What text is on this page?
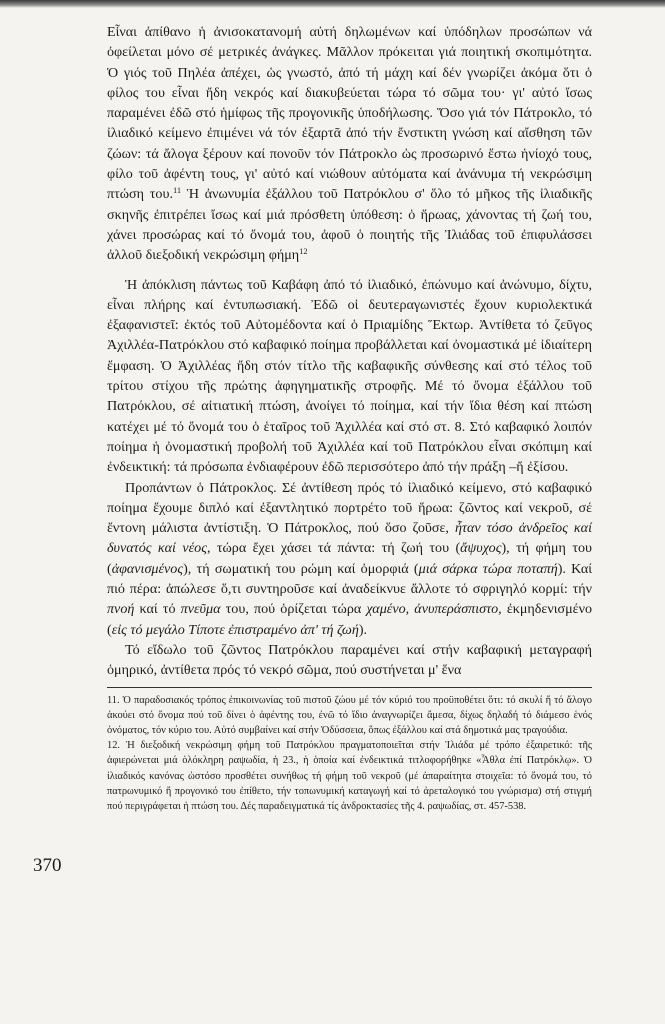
Εἶναι ἀπίθανο ἡ ἀνισοκατανομή αὐτή δηλωμένων καί ὑπόδηλων προσώπων νά ὀφείλεται μόνο σέ μετρικές ἀνάγκες. Μᾶλλον πρόκειται γιά ποιητική σκοπιμότητα. Ὁ γιός τοῦ Πηλέα ἀπέχει, ὡς γνωστό, ἀπό τή μάχη καί δέν γνωρίζει ἀκόμα ὅτι ὁ φίλος του εἶναι ἤδη νεκρός καί διακυβεύεται τώρα τό σῶμα του· γι' αὐτό ἴσως παραμένει ἐδῶ στό ἡμίφως τῆς προγονικῆς ὑποδήλωσης. Ὅσο γιά τόν Πάτροκλο, τό ἰλιαδικό κείμενο ἐπιμένει νά τόν ἐξαρτᾶ ἀπό τήν ἔνστικτη γνώση καί αἴσθηση τῶν ζώων: τά ἄλογα ξέρουν καί πονοῦν τόν Πάτροκλο ὡς προσωρινό ἔστω ἡνίοχό τους, φίλο τοῦ ἀφέντη τους, γι' αὐτό καί νιώθουν αὐτόματα καί ἀνάνυμα τή νεκρώσιμη πτώση του.$^{11}$ Ἡ ἀνωνυμία ἐξάλλου τοῦ Πατρόκλου σ' ὅλο τό μῆκος τῆς ἰλιαδικῆς σκηνῆς ἐπιτρέπει ἴσως καί μιά πρόσθετη ὑπόθεση: ὁ ἥρωας, χάνοντας τή ζωή του, χάνει προσώρας καί τό ὄνομά του, ἀφοῦ ὁ ποιητής τῆς Ἰλιάδας τοῦ ἐπιφυλάσσει ἀλλοῦ διεξοδική νεκρώσιμη φήμη$^{12}$

Ἡ ἀπόκλιση πάντως τοῦ Καβάφη ἀπό τό ἰλιαδικό, ἐπώνυμο καί ἀνώνυμο, δίχτυ, εἶναι πλήρης καί ἐντυπωσιακή. Ἐδῶ οἱ δευτεραγωνιστές ἔχουν κυριολεκτικά ἐξαφανιστεῖ: ἐκτός τοῦ Αὐτομέδοντα καί ὁ Πριαμίδης Ἕκτωρ. Ἀντίθετα τό ζεῦγος Ἀχιλλέα-Πατρόκλου στό καβαφικό ποίημα προβάλλεται καί ὀνομαστικά μέ ἰδιαίτερη ἔμφαση. Ὁ Ἀχιλλέας ἤδη στόν τίτλο τῆς καβαφικῆς σύνθεσης καί στό τέλος τοῦ τρίτου στίχου τῆς πρώτης ἀφηγηματικῆς στροφῆς. Μέ τό ὄνομα ἐξάλλου τοῦ Πατρόκλου, σέ αἰτιατική πτώση, ἀνοίγει τό ποίημα, καί τήν ἴδια θέση καί πτώση κατέχει μέ τό ὄνομά του ὁ ἑταῖρος τοῦ Ἀχιλλέα καί στό στ. 8. Στό καβαφικό λοιπόν ποίημα ἡ ὀνομαστική προβολή τοῦ Ἀχιλλέα καί τοῦ Πατρόκλου εἶναι σκόπιμη καί ἐνδεικτική: τά πρόσωπα ἐνδιαφέρουν ἐδῶ περισσότερο ἀπό τήν πράξη –ἤ ἐξίσου.

Προπάντων ὁ Πάτροκλος. Σέ ἀντίθεση πρός τό ἰλιαδικό κείμενο, στό καβαφικό ποίημα ἔχουμε διπλό καί ἐξαντλητικό πορτρέτο τοῦ ἥρωα: ζῶντος καί νεκροῦ, σέ ἔντονη μάλιστα ἀντίστιξη. Ὁ Πάτροκλος, πού ὅσο ζοῦσε, ἦταν τόσο ἀνδρεῖος καί δυνατός καί νέος, τώρα ἔχει χάσει τά πάντα: τή ζωή του (ἄψυχος), τή φήμη του (ἀφανισμένος), τή σωματική του ρώμη καί ὀμορφιά (μιά σάρκα τώρα ποταπή). Καί πιό πέρα: ἀπώλεσε ὅ,τι συντηροῦσε καί ἀναδείκνυε ἄλλοτε τό σφριγηλό κορμί: τήν πνοή καί τό πνεῦμα του, πού ὁρίζεται τώρα χαμένο, ἀνυπεράσπιστο, ἐκμηδενισμένο (εἰς τό μεγάλο Τίποτε ἐπιστραμένο ἀπ' τή ζωή).

Τό εἴδωλο τοῦ ζῶντος Πατρόκλου παραμένει καί στήν καβαφική μεταγραφή ὁμηρικό, ἀντίθετα πρός τό νεκρό σῶμα, πού συστήνεται μ' ἕνα

11. Ὁ παραδοσιακός τρόπος ἐπικοινωνίας τοῦ πιστοῦ ζώου μέ τόν κύριό του προϋποθέτει ὅτι: τό σκυλί ἤ τό ἄλογο ἀκούει στό ὄνομα πού τοῦ δίνει ὁ ἀφέντης του, ἐνῶ τό ἴδιο ἀναγνωρίζει ἄμεσα, δίχως δηλαδή τό διάμεσο ἑνός ὀνόματος, τόν κύριο του. Αὐτό συμβαίνει καί στήν Ὀδύσσεια, ὅπως ἐξάλλου καί στά δημοτικά μας τραγούδια.

12. Ἡ διεξοδική νεκρώσιμη φήμη τοῦ Πατρόκλου πραγματοποιεῖται στήν Ἰλιάδα μέ τρόπο ἐξαιρετικό: τῆς ἀφιερώνεται μιά ὁλόκληρη ραψωδία, ἡ 23., ἡ ὁποία καί ἐνδεικτικά τιτλοφορήθηκε «Ἆθλα ἐπί Πατρόκλῳ». Ὁ ἰλιαδικός κανόνας ὡστόσο προσθέτει συνήθως τή φήμη τοῦ νεκροῦ (μέ ἀπαραίτητα στοιχεῖα: τό ὄνομά του, τό πατρωνυμικό ἤ προγονικό του ἐπίθετο, τήν τοπωνυμική καταγωγή καί τό ἀρεταλογικό του γνώρισμα) στή στιγμή πού περιγράφεται ἡ πτώση του. Δές παραδειγματικά τίς ἀνδροκτασίες τῆς 4. ραψωδίας, στ. 457-538.

370
